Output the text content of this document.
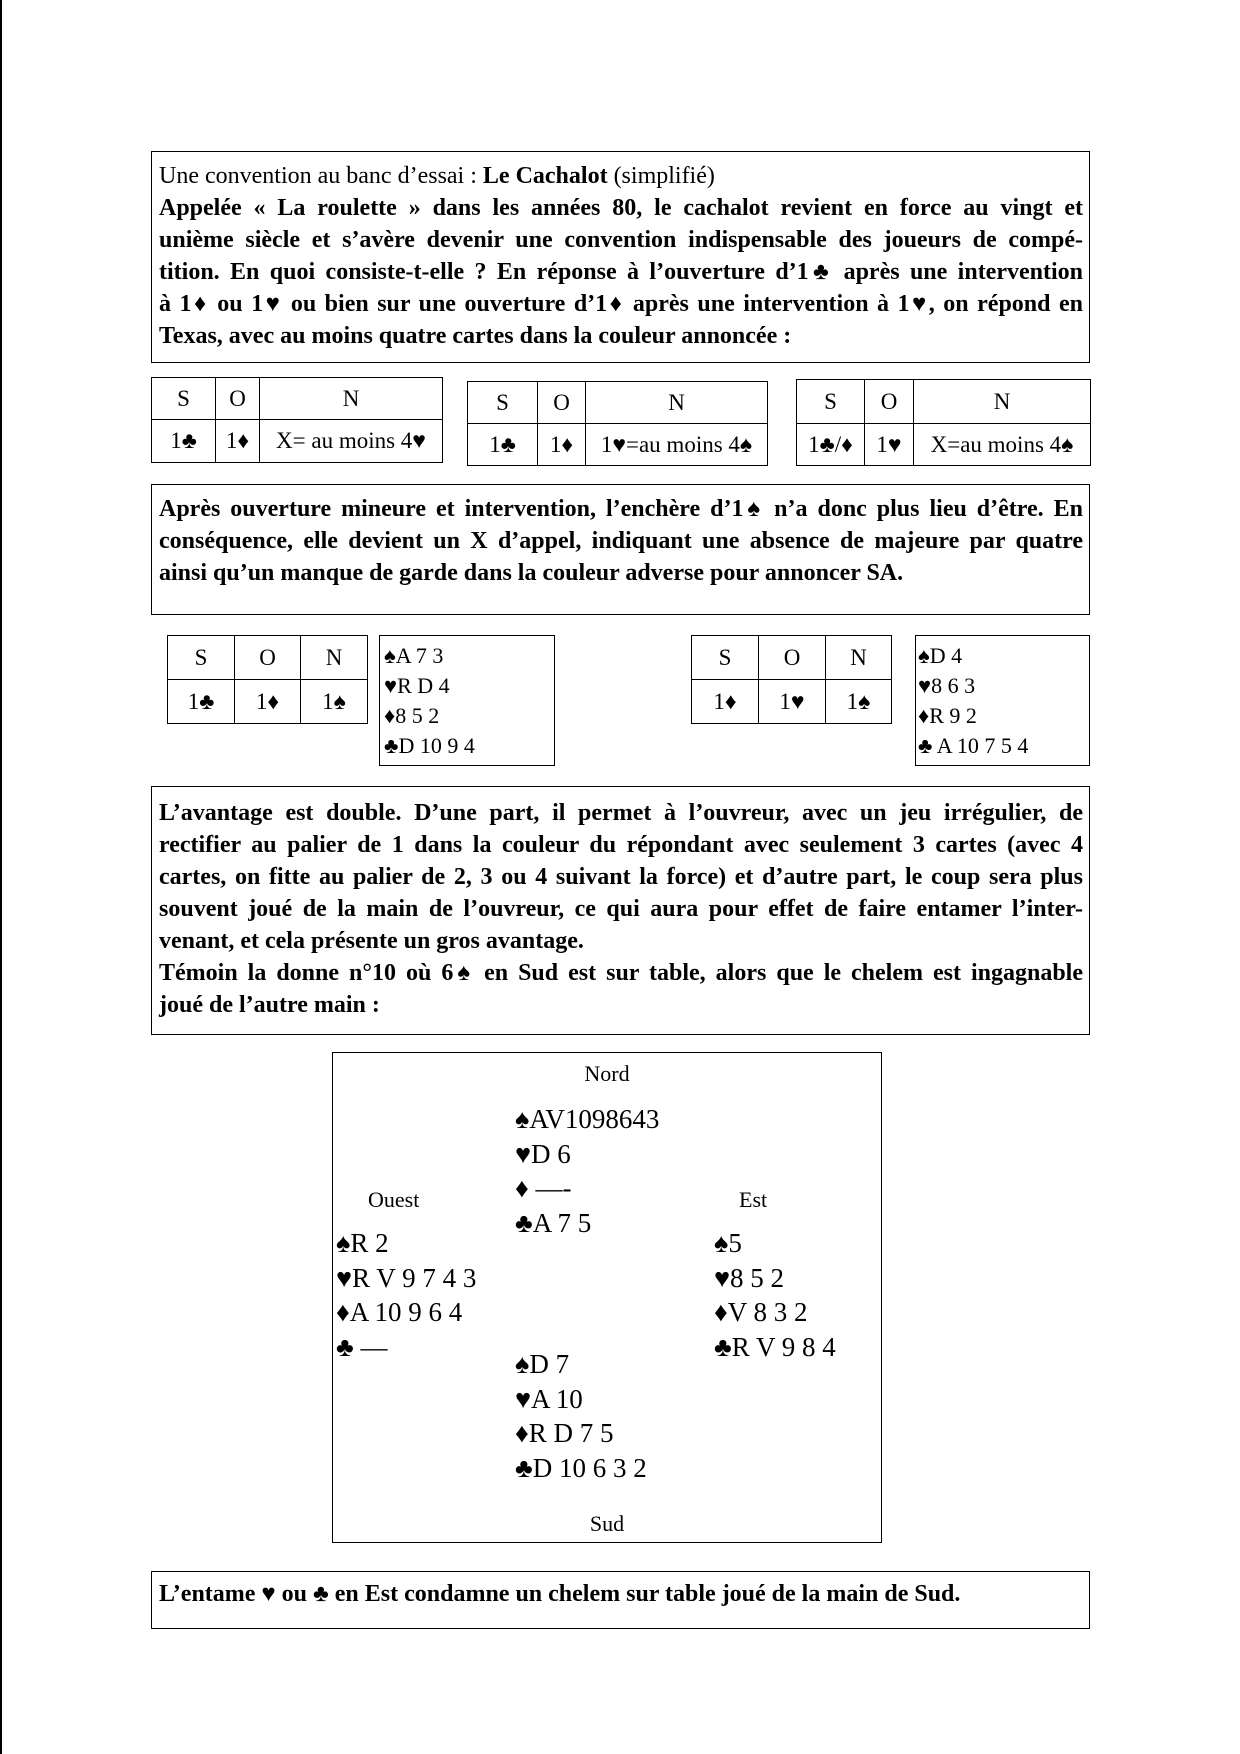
Une convention au banc d’essai : Le Cachalot (simplifié)
Appelée « La roulette » dans les années 80, le cachalot revient en force au vingt et
unième siècle et s’avère devenir une convention indispensable des joueurs de compé-
tition. En quoi consiste-t-elle ? En réponse à l’ouverture d’1♣ après une intervention
à 1♦ ou 1♥ ou bien sur une ouverture d’1♦ après une intervention à 1♥, on répond en
Texas, avec au moins quatre cartes dans la couleur annoncée :
S	O	N
1♣	1♦	X= au moins 4♥
S	O	N
1♣	1♦	1♥=au moins 4♠
S	O	N
1♣/♦	1♥	X=au moins 4♠
Après ouverture mineure et intervention, l’enchère d’1♠ n’a donc plus lieu d’être. En
conséquence, elle devient un X d’appel, indiquant une absence de majeure par quatre
ainsi qu’un manque de garde dans la couleur adverse pour annoncer SA.
S	O	N
1♣	1♦	1♠
♠A 7 3
♥R D 4
♦8 5 2
♣D 10 9 4
S	O	N
1♦	1♥	1♠
♠D 4
♥8 6 3
♦R 9 2
♣ A 10 7 5 4
L’avantage est double. D’une part, il permet à l’ouvreur, avec un jeu irrégulier, de
rectifier au palier de 1 dans la couleur du répondant avec seulement 3 cartes (avec 4
cartes, on fitte au palier de 2, 3 ou 4 suivant la force) et d’autre part, le coup sera plus
souvent joué de la main de l’ouvreur, ce qui aura pour effet de faire entamer l’inter-
venant, et cela présente un gros avantage.
Témoin la donne n°10 où 6♠ en Sud est sur table, alors que le chelem est ingagnable
joué de l’autre main :
Nord
♠AV1098643
♥D 6
♦ —-
♣A 7 5
Ouest
♠R 2
♥R V 9 7 4 3
♦A 10 9 6 4
♣ —
Est
♠5
♥8 5 2
♦V 8 3 2
♣R V 9 8 4
♠D 7
♥A 10
♦R D 7 5
♣D 10 6 3 2
Sud
L’entame ♥ ou ♣ en Est condamne un chelem sur table joué de la main de Sud.
